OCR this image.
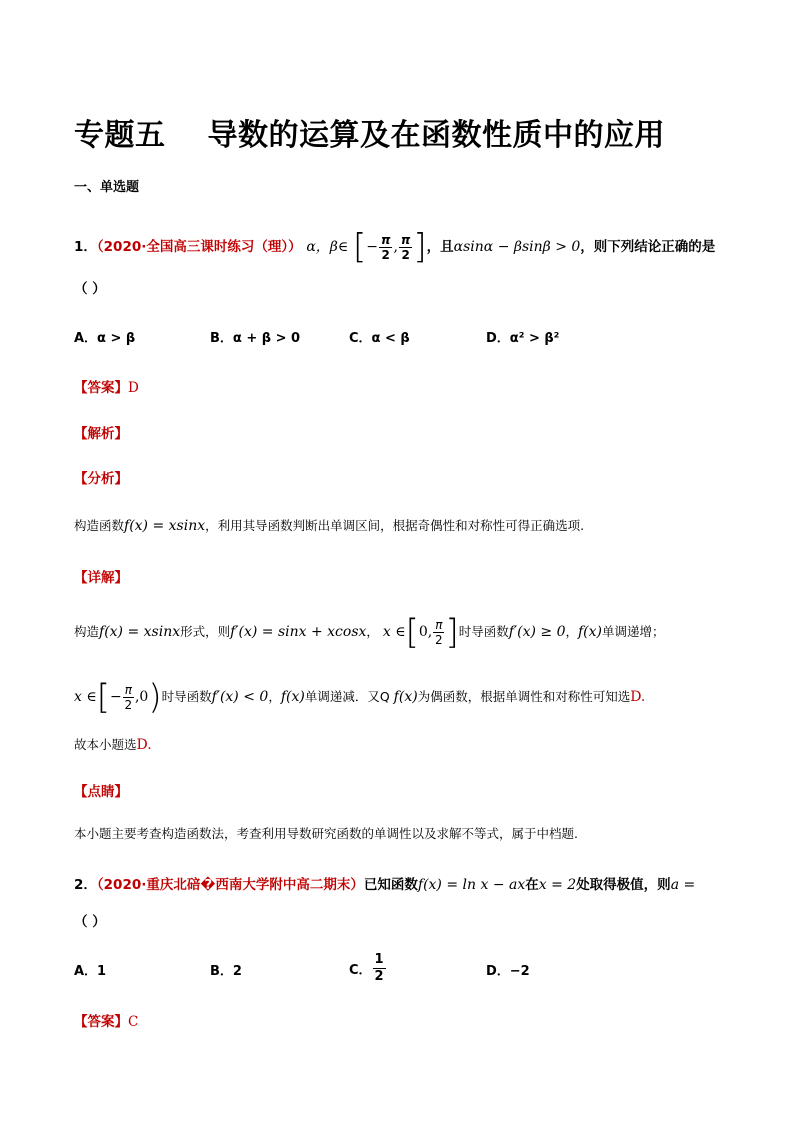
专题五 导数的运算及在函数性质中的应用
一、单选题
1．（2020·全国高三课时练习（理）） α，β∈ [− $\frac{\pi}{2}$ , $\frac{\pi}{2}$ ]，且αsinα − βsinβ > 0，则下列结论正确的是
（ ）
A．α > β	B．α + β > 0	C．α < β	D．α² > β²
【答案】D
【解析】
【分析】
构造函数f(x) = xsinx，利用其导函数判断出单调区间，根据奇偶性和对称性可得正确选项.
【详解】
构造f(x) = xsinx形式，则f′(x) = sinx + xcosx， x ∈[0, $\frac{\pi}{2}$ ]时导函数f′(x) ≥ 0，f(x)单调递增；
x ∈[− $\frac{\pi}{2} ,0$)时导函数f′(x) < 0，f(x)单调递减．又Q f(x)为偶函数，根据单调性和对称性可知选D.
故本小题选D.
【点睛】
本小题主要考查构造函数法，考查利用导数研究函数的单调性以及求解不等式，属于中档题.
2．（2020·重庆北碚�西南大学附中高二期末）已知函数f(x) = ln x − ax在x = 2处取得极值，则a =
（ ）
A．1	B．2	C． $\frac{1}{2}$	D．−2
【答案】C
